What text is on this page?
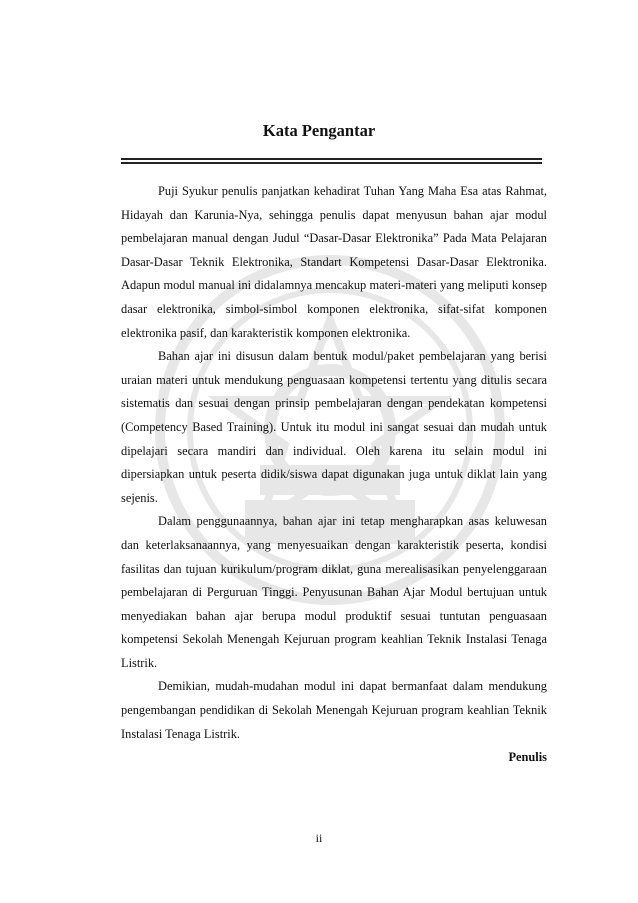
Kata Pengantar

Puji Syukur penulis panjatkan kehadirat Tuhan Yang Maha Esa atas Rahmat, Hidayah dan Karunia-Nya, sehingga penulis dapat menyusun bahan ajar modul pembelajaran manual dengan Judul “Dasar-Dasar Elektronika” Pada Mata Pelajaran Dasar-Dasar Teknik Elektronika, Standart Kompetensi Dasar-Dasar Elektronika. Adapun modul manual ini didalamnya mencakup materi-materi yang meliputi konsep dasar elektronika, simbol-simbol komponen elektronika, sifat-sifat komponen elektronika pasif, dan karakteristik komponen elektronika.

Bahan ajar ini disusun dalam bentuk modul/paket pembelajaran yang berisi uraian materi untuk mendukung penguasaan kompetensi tertentu yang ditulis secara sistematis dan sesuai dengan prinsip pembelajaran dengan pendekatan kompetensi (Competency Based Training). Untuk itu modul ini sangat sesuai dan mudah untuk dipelajari secara mandiri dan individual. Oleh karena itu selain modul ini dipersiapkan untuk peserta didik/siswa dapat digunakan juga untuk diklat lain yang sejenis.

Dalam penggunaannya, bahan ajar ini tetap mengharapkan asas keluwesan dan keterlaksanaannya, yang menyesuaikan dengan karakteristik peserta, kondisi fasilitas dan tujuan kurikulum/program diklat, guna merealisasikan penyelenggaraan pembelajaran di Perguruan Tinggi. Penyusunan Bahan Ajar Modul bertujuan untuk menyediakan bahan ajar berupa modul produktif sesuai tuntutan penguasaan kompetensi Sekolah Menengah Kejuruan program keahlian Teknik Instalasi Tenaga Listrik.

Demikian, mudah-mudahan modul ini dapat bermanfaat dalam mendukung pengembangan pendidikan di Sekolah Menengah Kejuruan program keahlian Teknik Instalasi Tenaga Listrik.

Penulis

ii
